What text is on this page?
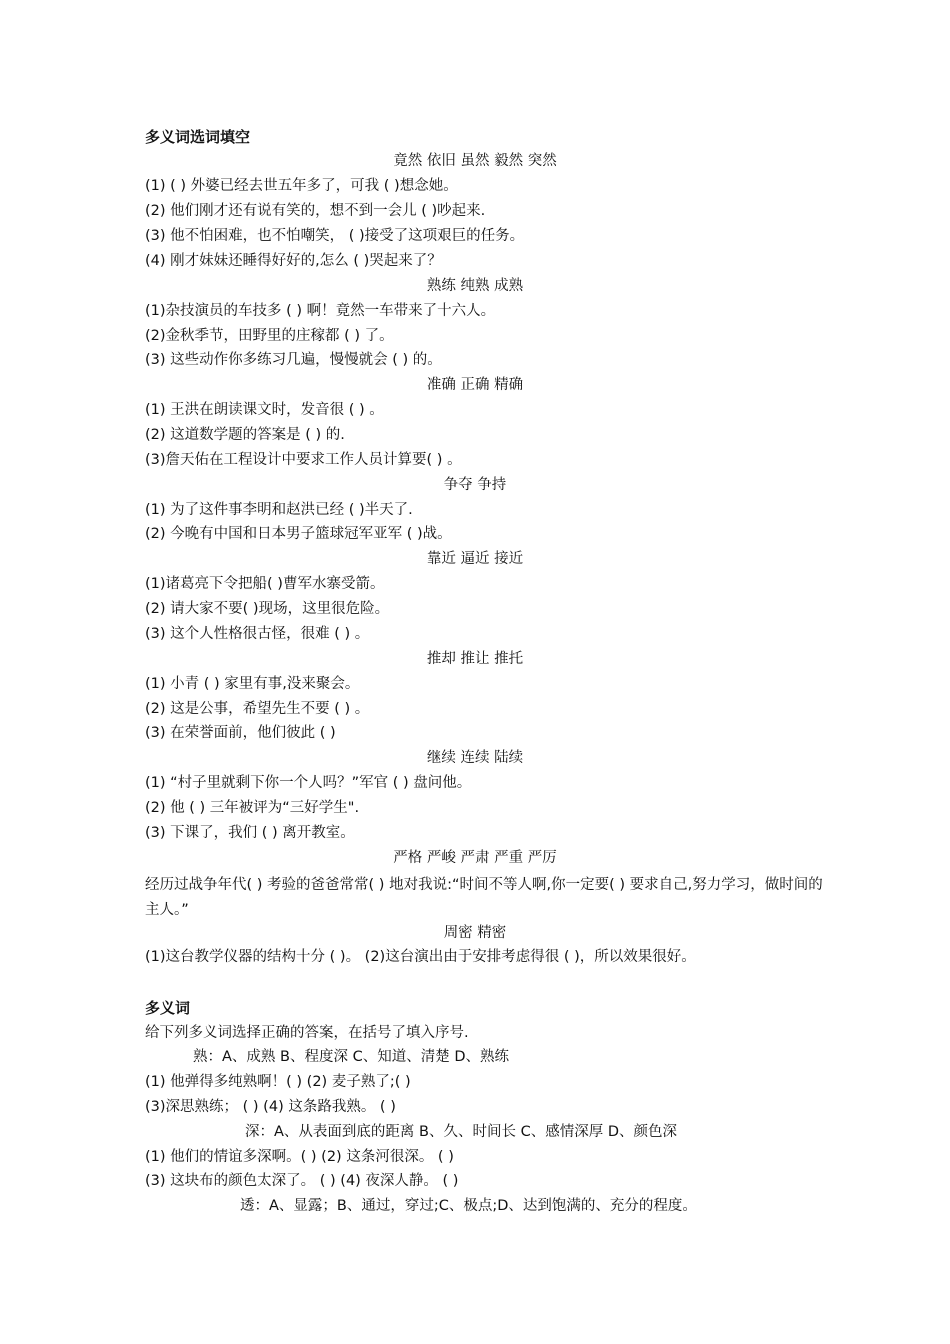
多义词选词填空
竟然 依旧 虽然 毅然 突然
(1) ( ) 外婆已经去世五年多了，可我 ( )想念她。
(2) 他们刚才还有说有笑的，想不到一会儿 ( )吵起来.
(3) 他不怕困难，也不怕嘲笑， ( )接受了这项艰巨的任务。
(4) 刚才妹妹还睡得好好的,怎么 ( )哭起来了？
熟练 纯熟 成熟
(1)杂技演员的车技多 ( ) 啊！竟然一车带来了十六人。
(2)金秋季节，田野里的庄稼都 ( ) 了。
(3) 这些动作你多练习几遍，慢慢就会 ( ) 的。
准确 正确 精确
(1) 王洪在朗读课文时，发音很 ( ) 。
(2) 这道数学题的答案是 ( ) 的.
(3)詹天佑在工程设计中要求工作人员计算要( ) 。
争夺 争持
(1) 为了这件事李明和赵洪已经 ( )半天了.
(2) 今晚有中国和日本男子篮球冠军亚军 ( )战。
靠近 逼近 接近
(1)诸葛亮下令把船( )曹军水寨受箭。
(2) 请大家不要( )现场，这里很危险。
(3) 这个人性格很古怪，很难 ( ) 。
推却 推让 推托
(1) 小青 ( ) 家里有事,没来聚会。
(2) 这是公事，希望先生不要 ( ) 。
(3) 在荣誉面前，他们彼此 ( )
继续 连续 陆续
(1) “村子里就剩下你一个人吗？”军官 ( ) 盘问他。
(2) 他 ( ) 三年被评为“三好学生".
(3) 下课了，我们 ( ) 离开教室。
严格 严峻 严肃 严重 严厉
经历过战争年代( ) 考验的爸爸常常( ) 地对我说:“时间不等人啊,你一定要( ) 要求自己,努力学习，做时间的主人。”
周密 精密
(1)这台教学仪器的结构十分 ( )。 (2)这台演出由于安排考虑得很 ( )，所以效果很好。
多义词
给下列多义词选择正确的答案，在括号了填入序号.
熟：A、成熟 B、程度深 C、知道、清楚 D、熟练
(1) 他弹得多纯熟啊！( ) (2) 麦子熟了;( )
(3)深思熟练； ( ) (4) 这条路我熟。 ( )
深：A、从表面到底的距离 B、久、时间长 C、感情深厚 D、颜色深
(1) 他们的情谊多深啊。( ) (2) 这条河很深。 ( )
(3) 这块布的颜色太深了。 ( ) (4) 夜深人静。 ( )
透：A、显露；B、通过，穿过;C、极点;D、达到饱满的、充分的程度。
